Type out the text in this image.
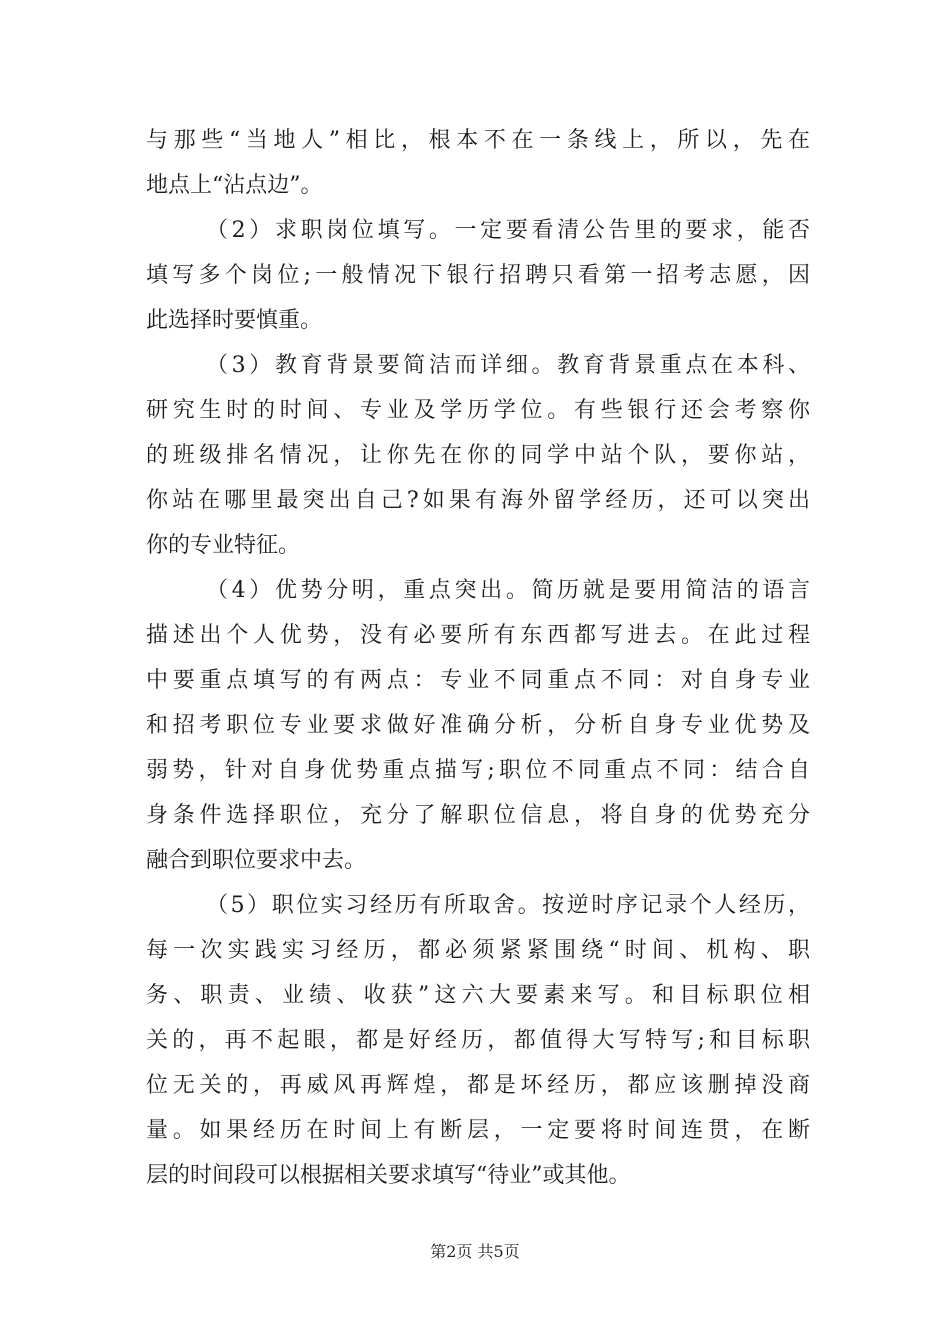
与那些“当地人”相比，根本不在一条线上，所以，先在
地点上“沾点边”。
（2）求职岗位填写。一定要看清公告里的要求，能否
填写多个岗位;一般情况下银行招聘只看第一招考志愿，因
此选择时要慎重。
（3）教育背景要简洁而详细。教育背景重点在本科、
研究生时的时间、专业及学历学位。有些银行还会考察你
的班级排名情况，让你先在你的同学中站个队，要你站，
你站在哪里最突出自己?如果有海外留学经历，还可以突出
你的专业特征。
（4）优势分明，重点突出。简历就是要用简洁的语言
描述出个人优势，没有必要所有东西都写进去。在此过程
中要重点填写的有两点：专业不同重点不同：对自身专业
和招考职位专业要求做好准确分析，分析自身专业优势及
弱势，针对自身优势重点描写;职位不同重点不同：结合自
身条件选择职位，充分了解职位信息，将自身的优势充分
融合到职位要求中去。
（5）职位实习经历有所取舍。按逆时序记录个人经历，
每一次实践实习经历，都必须紧紧围绕“时间、机构、职
务、职责、业绩、收获”这六大要素来写。和目标职位相
关的，再不起眼，都是好经历，都值得大写特写;和目标职
位无关的，再威风再辉煌，都是坏经历，都应该删掉没商
量。如果经历在时间上有断层，一定要将时间连贯，在断
层的时间段可以根据相关要求填写“待业”或其他。
第2页 共5页
